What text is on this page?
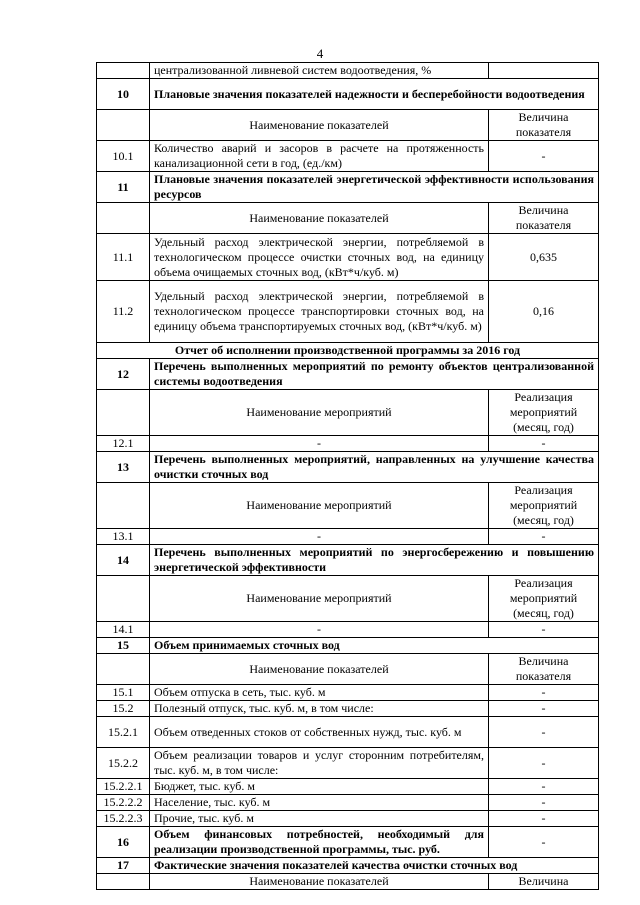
4
	централизованной ливневой систем водоотведения, %	
10	Плановые значения показателей надежности и бесперебойности водоотведения	
	Наименование показателей	Величина показателя
10.1	Количество аварий и засоров в расчете на протяженность канализационной сети в год, (ед./км)	-
11	Плановые значения показателей энергетической эффективности использования ресурсов	
	Наименование показателей	Величина показателя
11.1	Удельный расход электрической энергии, потребляемой в технологическом процессе очистки сточных вод, на единицу объема очищаемых сточных вод, (кВт*ч/куб. м)	0,635
11.2	Удельный расход электрической энергии, потребляемой в технологическом процессе транспортировки сточных вод, на единицу объема транспортируемых сточных вод, (кВт*ч/куб. м)	0,16
Отчет об исполнении производственной программы за 2016 год		
12	Перечень выполненных мероприятий по ремонту объектов централизованной системы водоотведения	
	Наименование мероприятий	Реализация мероприятий (месяц, год)
12.1	-	-
13	Перечень выполненных мероприятий, направленных на улучшение качества очистки сточных вод	
	Наименование мероприятий	Реализация мероприятий (месяц, год)
13.1	-	-
14	Перечень выполненных мероприятий по энергосбережению и повышению энергетической эффективности	
	Наименование мероприятий	Реализация мероприятий (месяц, год)
14.1	-	-
15	Объем принимаемых сточных вод	
	Наименование показателей	Величина показателя
15.1	Объем отпуска в сеть, тыс. куб. м	-
15.2	Полезный отпуск, тыс. куб. м, в том числе:	-
15.2.1	Объем отведенных стоков от собственных нужд, тыс. куб. м	-
15.2.2	Объем реализации товаров и услуг сторонним потребителям, тыс. куб. м, в том числе:	-
15.2.2.1	Бюджет, тыс. куб. м	-
15.2.2.2	Население, тыс. куб. м	-
15.2.2.3	Прочие, тыс. куб. м	-
16	Объем финансовых потребностей, необходимый для реализации производственной программы, тыс. руб.	-
17	Фактические значения показателей качества очистки сточных вод	
	Наименование показателей	Величина
